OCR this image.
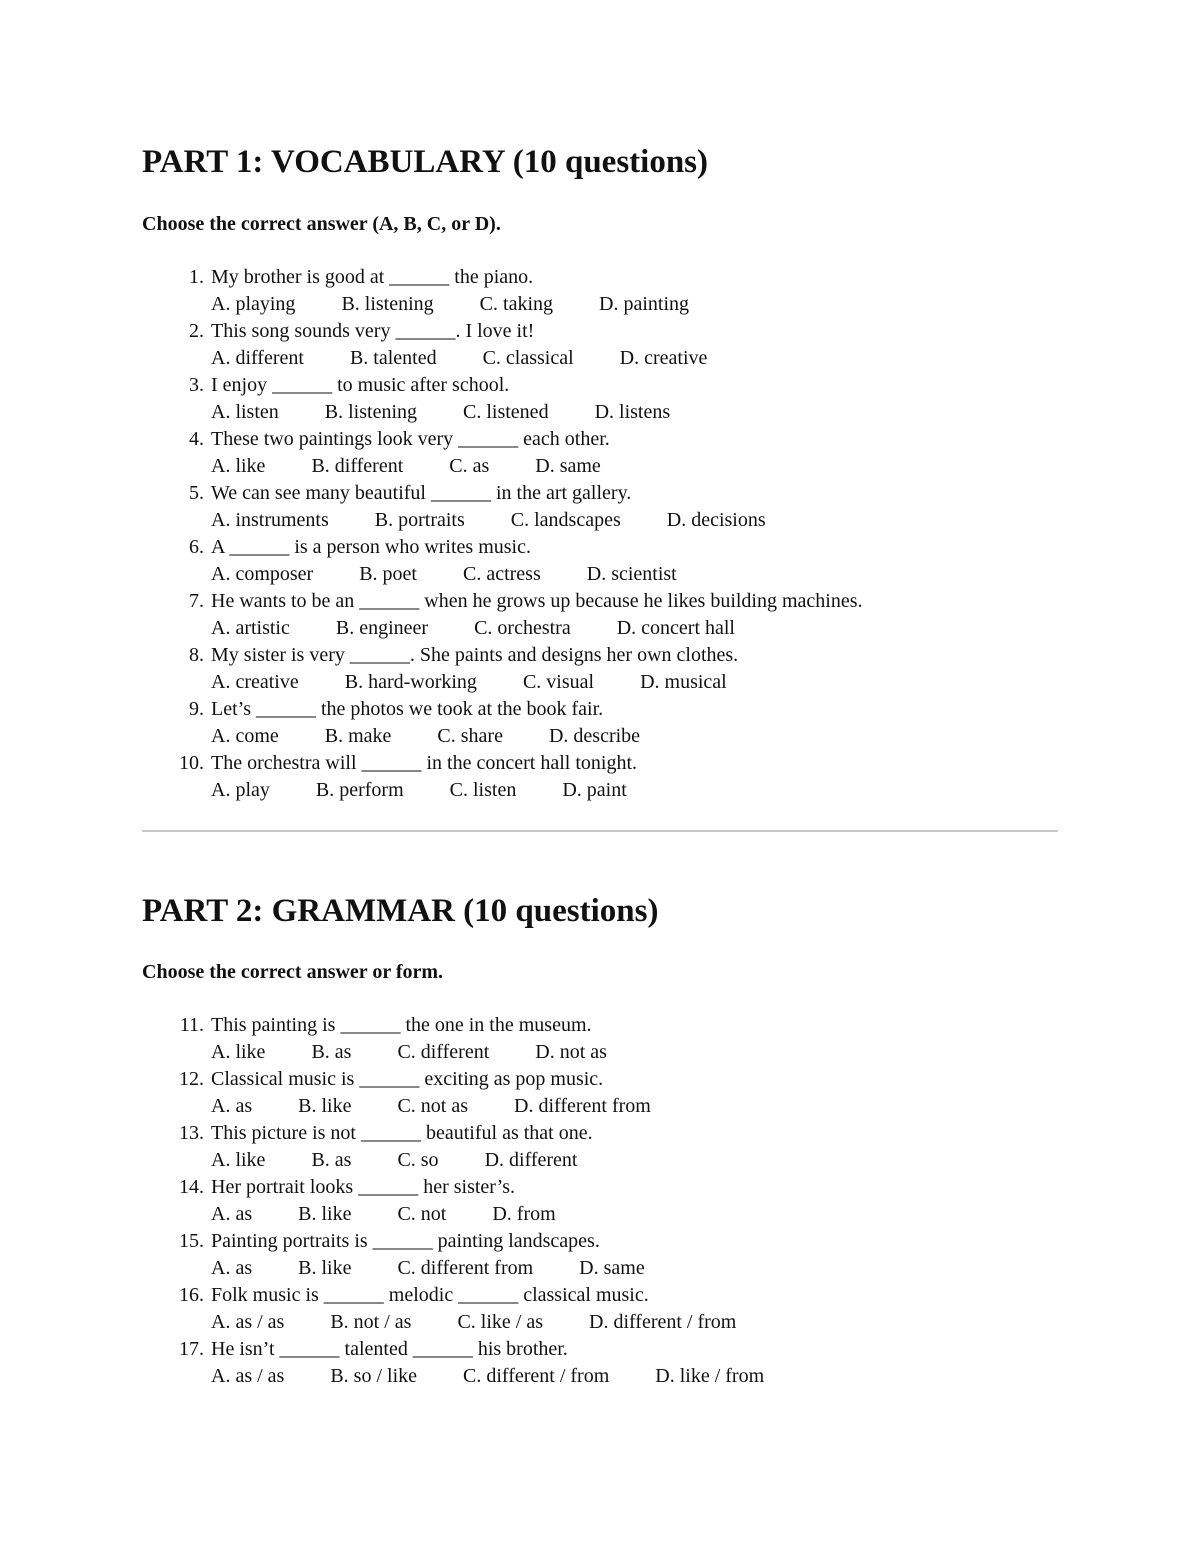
PART 1: VOCABULARY (10 questions)

Choose the correct answer (A, B, C, or D).

1. My brother is good at ______ the piano.
A. playing B. listening C. taking D. painting
2. This song sounds very ______. I love it!
A. different B. talented C. classical D. creative
3. I enjoy ______ to music after school.
A. listen B. listening C. listened D. listens
4. These two paintings look very ______ each other.
A. like B. different C. as D. same
5. We can see many beautiful ______ in the art gallery.
A. instruments B. portraits C. landscapes D. decisions
6. A ______ is a person who writes music.
A. composer B. poet C. actress D. scientist
7. He wants to be an ______ when he grows up because he likes building machines.
A. artistic B. engineer C. orchestra D. concert hall
8. My sister is very ______. She paints and designs her own clothes.
A. creative B. hard-working C. visual D. musical
9. Let’s ______ the photos we took at the book fair.
A. come B. make C. share D. describe
10. The orchestra will ______ in the concert hall tonight.
A. play B. perform C. listen D. paint
PART 2: GRAMMAR (10 questions)

Choose the correct answer or form.

11. This painting is ______ the one in the museum.
A. like B. as C. different D. not as
12. Classical music is ______ exciting as pop music.
A. as B. like C. not as D. different from
13. This picture is not ______ beautiful as that one.
A. like B. as C. so D. different
14. Her portrait looks ______ her sister’s.
A. as B. like C. not D. from
15. Painting portraits is ______ painting landscapes.
A. as B. like C. different from D. same
16. Folk music is ______ melodic ______ classical music.
A. as / as B. not / as C. like / as D. different / from
17. He isn’t ______ talented ______ his brother.
A. as / as B. so / like C. different / from D. like / from
